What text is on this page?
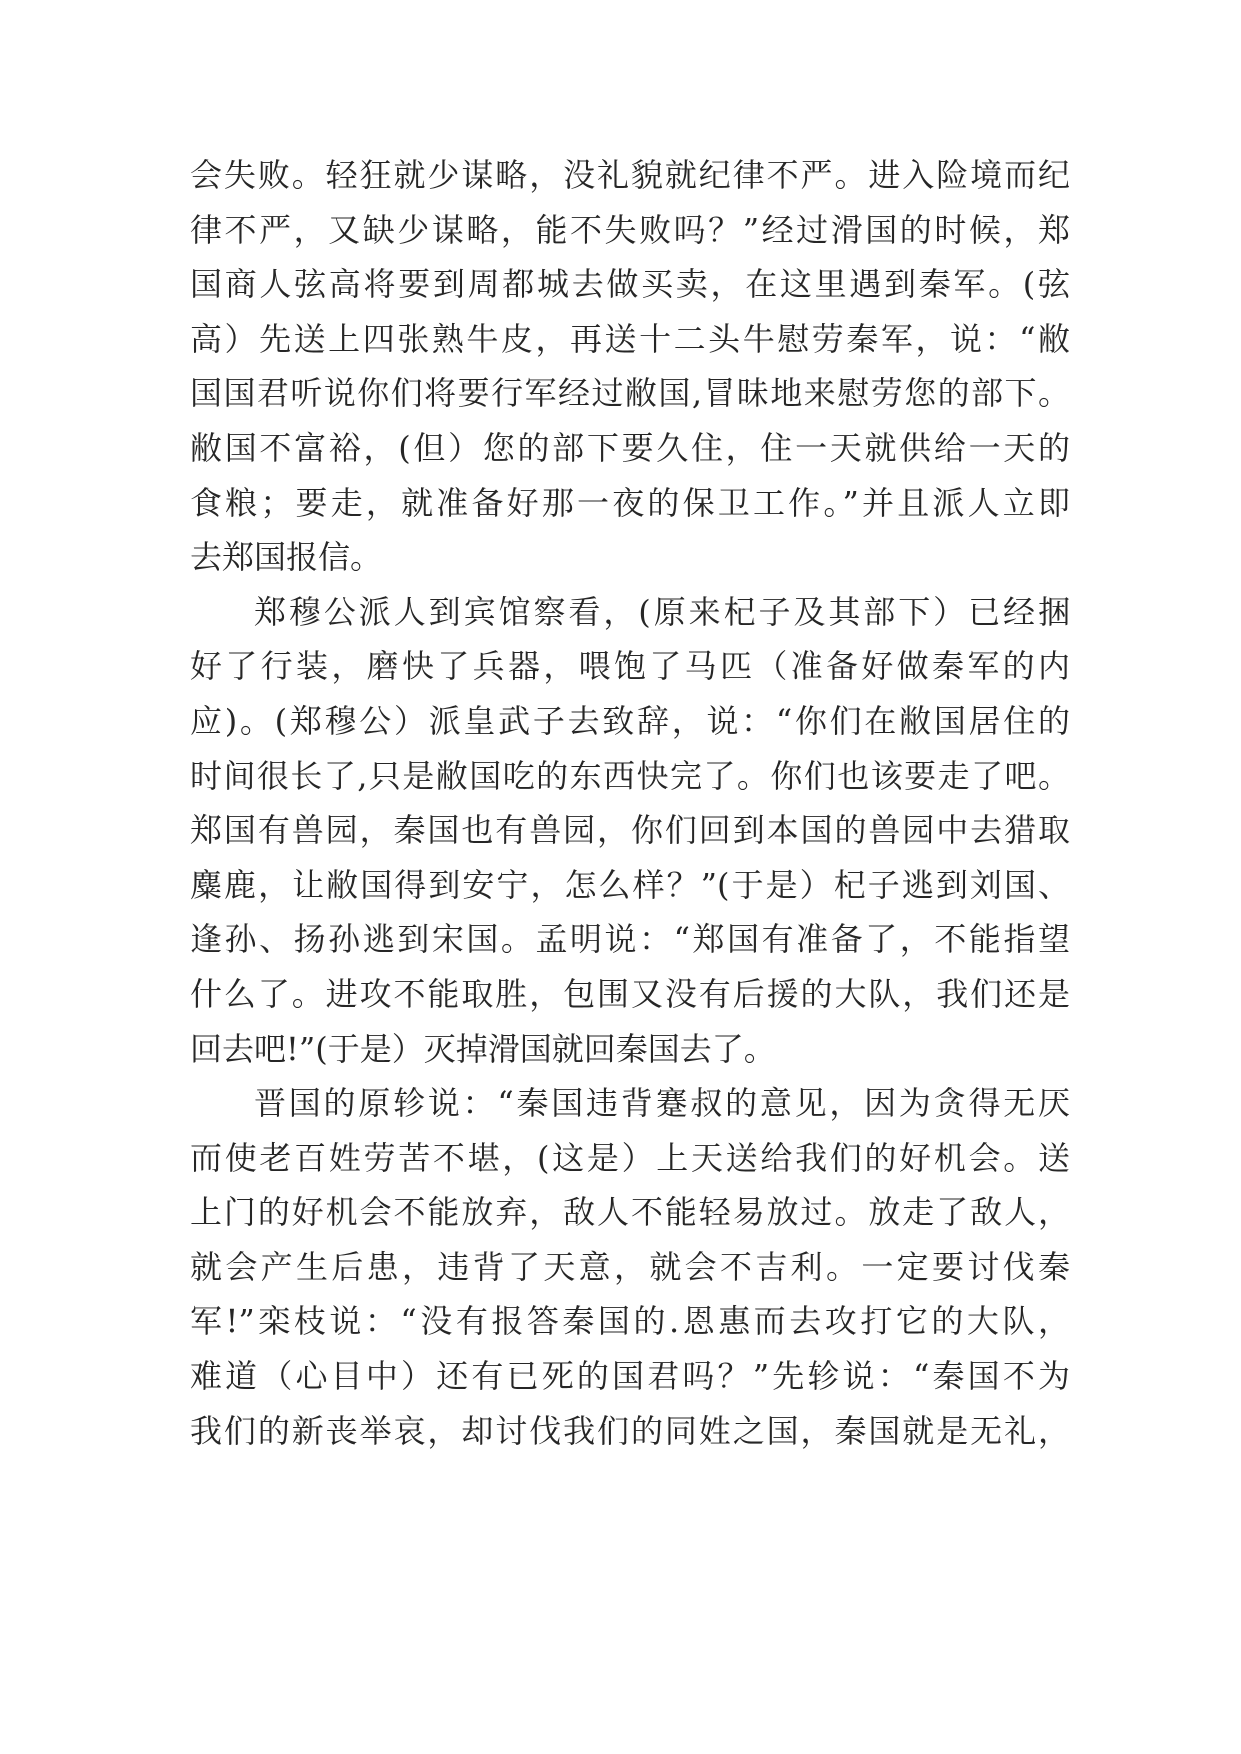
会失败。轻狂就少谋略，没礼貌就纪律不严。进入险境而纪
律不严，又缺少谋略，能不失败吗？”经过滑国的时候，郑
国商人弦高将要到周都城去做买卖，在这里遇到秦军。(弦
高）先送上四张熟牛皮，再送十二头牛慰劳秦军，说：“敝
国国君听说你们将要行军经过敝国,冒昧地来慰劳您的部下。
敝国不富裕，(但）您的部下要久住，住一天就供给一天的
食粮；要走，就准备好那一夜的保卫工作。”并且派人立即
去郑国报信。
郑穆公派人到宾馆察看，(原来杞子及其部下）已经捆
好了行装，磨快了兵器，喂饱了马匹（准备好做秦军的内
应)。(郑穆公）派皇武子去致辞，说：“你们在敝国居住的
时间很长了,只是敝国吃的东西快完了。你们也该要走了吧。
郑国有兽园，秦国也有兽园，你们回到本国的兽园中去猎取
麋鹿，让敝国得到安宁，怎么样？”(于是）杞子逃到刘国、
逢孙、扬孙逃到宋国。孟明说：“郑国有准备了，不能指望
什么了。进攻不能取胜，包围又没有后援的大队，我们还是
回去吧!”(于是）灭掉滑国就回秦国去了。
晋国的原轸说：“秦国违背蹇叔的意见，因为贪得无厌
而使老百姓劳苦不堪，(这是）上天送给我们的好机会。送
上门的好机会不能放弃，敌人不能轻易放过。放走了敌人，
就会产生后患，违背了天意，就会不吉利。一定要讨伐秦
军!”栾枝说：“没有报答秦国的.恩惠而去攻打它的大队，
难道（心目中）还有已死的国君吗？”先轸说：“秦国不为
我们的新丧举哀，却讨伐我们的同姓之国，秦国就是无礼，
